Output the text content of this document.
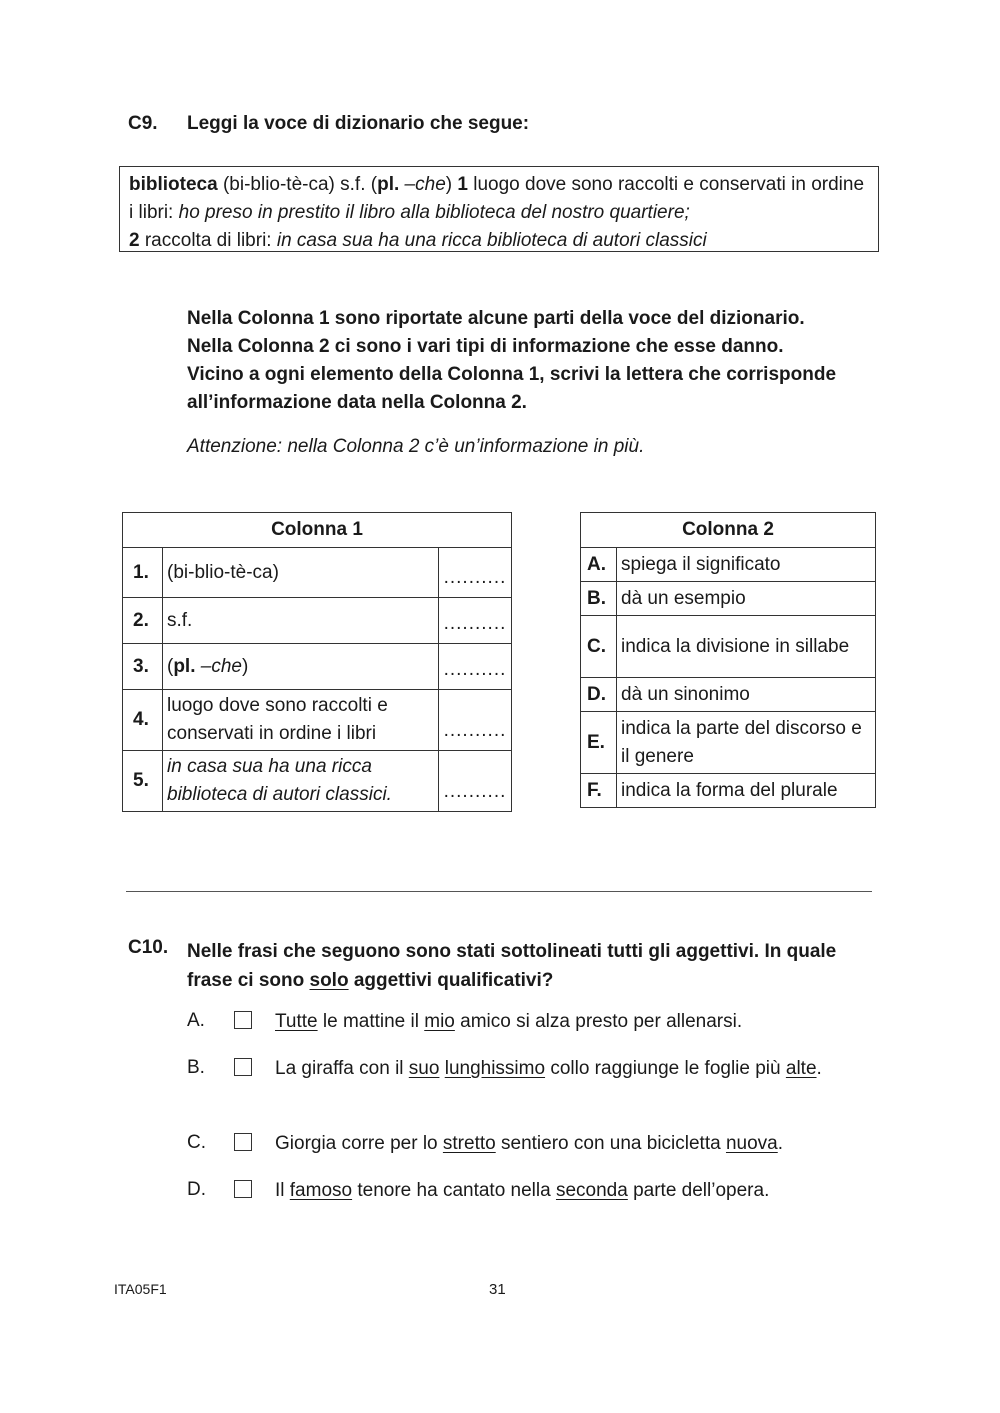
C9. Leggi la voce di dizionario che segue:
biblioteca (bi-blio-tè-ca) s.f. (pl. –che) 1 luogo dove sono raccolti e conservati in ordine i libri: ho preso in prestito il libro alla biblioteca del nostro quartiere;
2 raccolta di libri: in casa sua ha una ricca biblioteca di autori classici
Nella Colonna 1 sono riportate alcune parti della voce del dizionario.
Nella Colonna 2 ci sono i vari tipi di informazione che esse danno.
Vicino a ogni elemento della Colonna 1, scrivi la lettera che corrisponde all’informazione data nella Colonna 2.
Attenzione: nella Colonna 2 c’è un’informazione in più.
Colonna 1		
1.	(bi-blio-tè-ca)	..........
2.	s.f.	..........
3.	(pl. –che)	..........
4.	luogo dove sono raccolti e conservati in ordine i libri	..........
5.	in casa sua ha una ricca biblioteca di autori classici.	..........
Colonna 2	
A.	spiega il significato
B.	dà un esempio
C.	indica la divisione in sillabe
D.	dà un sinonimo
E.	indica la parte del discorso e il genere
F.	indica la forma del plurale
C10. Nelle frasi che seguono sono stati sottolineati tutti gli aggettivi. In quale frase ci sono solo aggettivi qualificativi?
A.	Tutte le mattine il mio amico si alza presto per allenarsi.
B.	La giraffa con il suo lunghissimo collo raggiunge le foglie più alte.
C.	Giorgia corre per lo stretto sentiero con una bicicletta nuova.
D.	Il famoso tenore ha cantato nella seconda parte dell’opera.
ITA05F1	31
